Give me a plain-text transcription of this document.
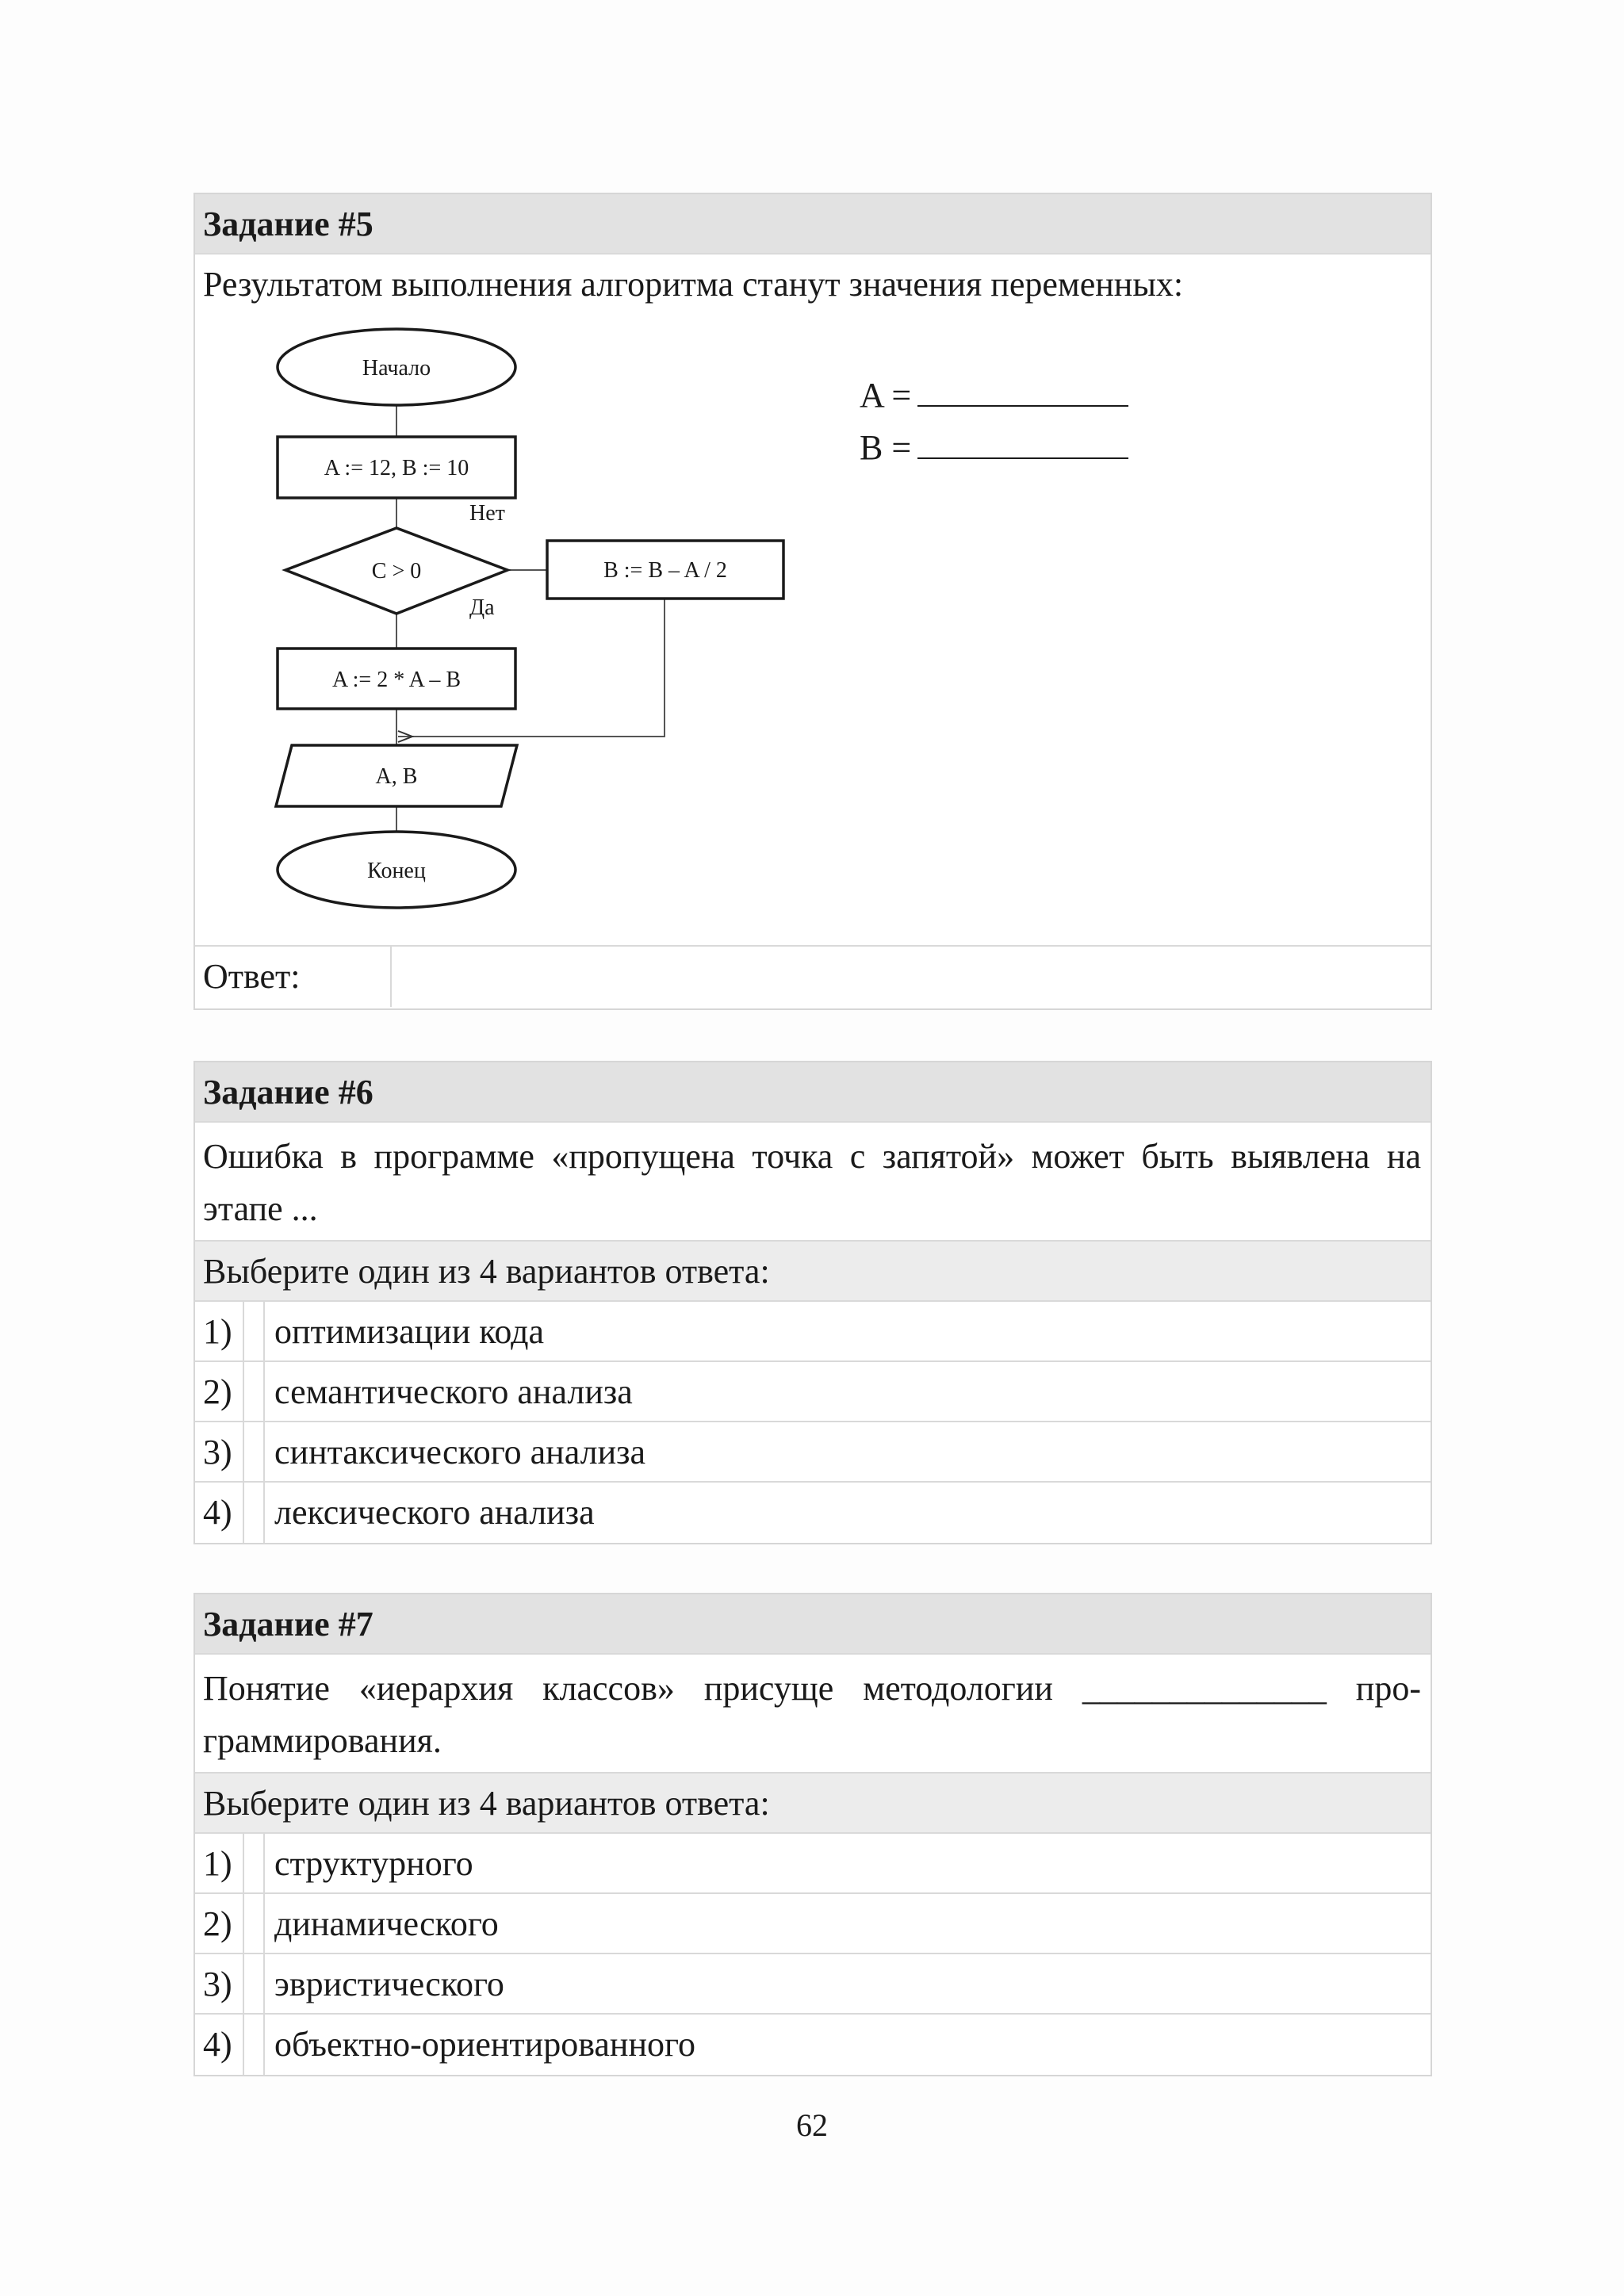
Задание #5
Результатом выполнения алгоритма станут значения переменных:
A =
B =
Начало
A := 12, B := 10
C > 0
Нет
Да
B := B – A / 2
A := 2 * A – B
A, B
Конец
Ответ:
Задание #6
Ошибка в программе «пропущена точка с запятой» может быть выявлена на этапе ...
Выберите один из 4 вариантов ответа:
1)	оптимизации кода
2)	семантического анализа
3)	синтаксического анализа
4)	лексического анализа
Задание #7
Понятие «иерархия классов» присуще методологии ______________ про-граммирования.
Выберите один из 4 вариантов ответа:
1)	структурного
2)	динамического
3)	эвристического
4)	объектно-ориентированного
62
